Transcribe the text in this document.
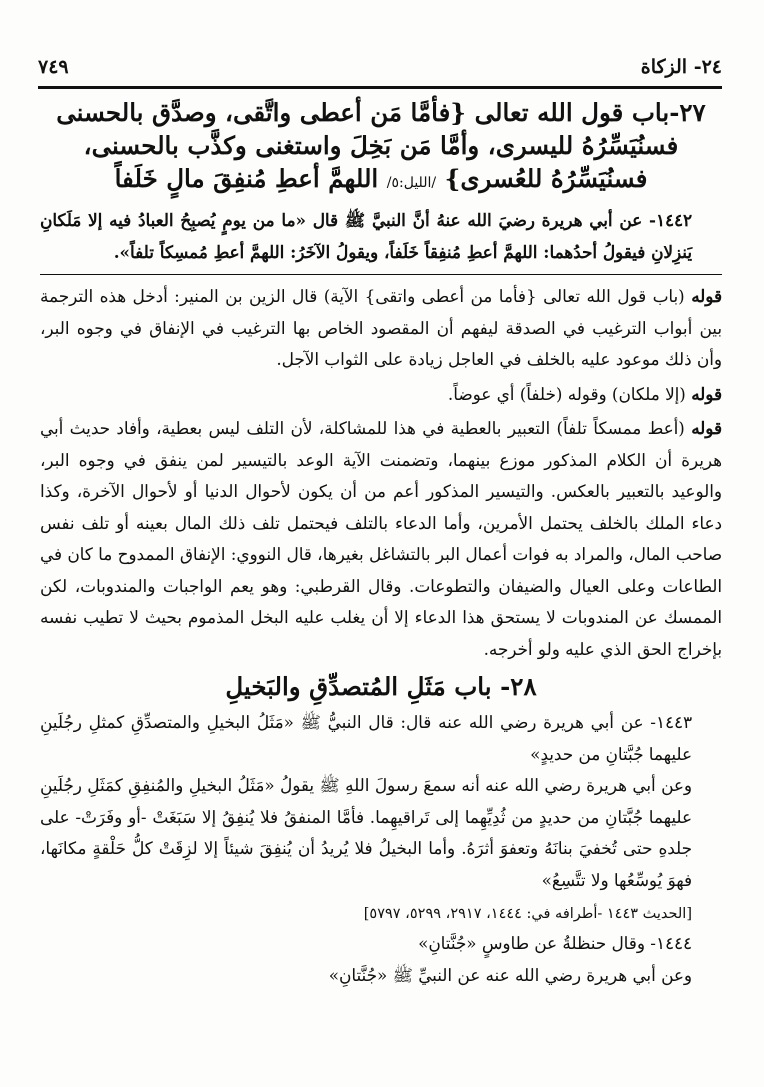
٧٤٩	٢٤- الزكاة
٢٧-باب قول الله تعالى {فأمَّا مَن أعطى واتَّقى، وصدَّق بالحسنى فسنُيَسِّرُهُ لليسرى، وأمَّا مَن بَخِلَ واستغنى وكذَّب بالحسنى، فسنُيَسِّرُهُ للعُسرى} /الليل:٥/ اللهمَّ أعطِ مُنفِقَ مالٍ خَلَفاً

١٤٤٢- عن أبي هريرة رضيَ الله عنهُ أنَّ النبيَّ ﷺ قال «ما من يومٍ يُصبِحُ العبادُ فيه إلا مَلَكانِ يَنزِلانِ فيقولُ أحدُهما: اللهمَّ أعطِ مُنفِقاً خَلَفاً، ويقولُ الآخَرُ: اللهمَّ أعطِ مُمسِكاً تلفاً».

قوله (باب قول الله تعالى {فأما من أعطى واتقى} الآية) قال الزين بن المنير: أدخل هذه الترجمة بين أبواب الترغيب في الصدقة ليفهم أن المقصود الخاص بها الترغيب في الإنفاق في وجوه البر، وأن ذلك موعود عليه بالخلف في العاجل زيادة على الثواب الآجل.

قوله (إلا ملكان) وقوله (خلفاً) أي عوضاً.

قوله (أعط ممسكاً تلفاً) التعبير بالعطية في هذا للمشاكلة، لأن التلف ليس بعطية، وأفاد حديث أبي هريرة أن الكلام المذكور موزع بينهما، وتضمنت الآية الوعد بالتيسير لمن ينفق في وجوه البر، والوعيد بالتعبير بالعكس. والتيسير المذكور أعم من أن يكون لأحوال الدنيا أو لأحوال الآخرة، وكذا دعاء الملك بالخلف يحتمل الأمرين، وأما الدعاء بالتلف فيحتمل تلف ذلك المال بعينه أو تلف نفس صاحب المال، والمراد به فوات أعمال البر بالتشاغل بغيرها، قال النووي: الإنفاق الممدوح ما كان في الطاعات وعلى العيال والضيفان والتطوعات. وقال القرطبي: وهو يعم الواجبات والمندوبات، لكن الممسك عن المندوبات لا يستحق هذا الدعاء إلا أن يغلب عليه البخل المذموم بحيث لا تطيب نفسه بإخراج الحق الذي عليه ولو أخرجه.

٢٨- باب مَثَلِ المُتصدِّقِ والبَخيلِ

١٤٤٣- عن أبي هريرة رضي الله عنه قال: قال النبيُّ ﷺ «مَثَلُ البخيلِ والمتصدِّقِ كمثلِ رجُلَينِ عليهما جُبَّتانِ من حديدٍ»

وعن أبي هريرة رضي الله عنه أنه سمعَ رسولَ اللهِ ﷺ يقولُ «مَثَلُ البخيلِ والمُنفِقِ كمَثَلِ رجُلَينِ عليهما جُبَّتانِ من حديدٍ من ثُدِيِّهِما إلى تَراقيهِما. فأمَّا المنفقُ فلا يُنفِقُ إلا سَبَغَتْ -أو وفَرَتْ- على جلدهِ حتى تُخفيَ بنانَهُ وتعفوَ أثرَهُ. وأما البخيلُ فلا يُريدُ أن يُنفِقَ شيئاً إلا لزِقَتْ كلُّ حَلْقةٍ مكانَها، فهوَ يُوسِّعُها ولا تتَّسِعُ»

[الحديث ١٤٤٣ -أطرافه في: ١٤٤٤، ٢٩١٧، ٥٢٩٩، ٥٧٩٧]

١٤٤٤- وقال حنظلةُ عن طاوسٍ «جُنَّتانِ»

وعن أبي هريرة رضي الله عنه عن النبيِّ ﷺ «جُنَّتانِ»
